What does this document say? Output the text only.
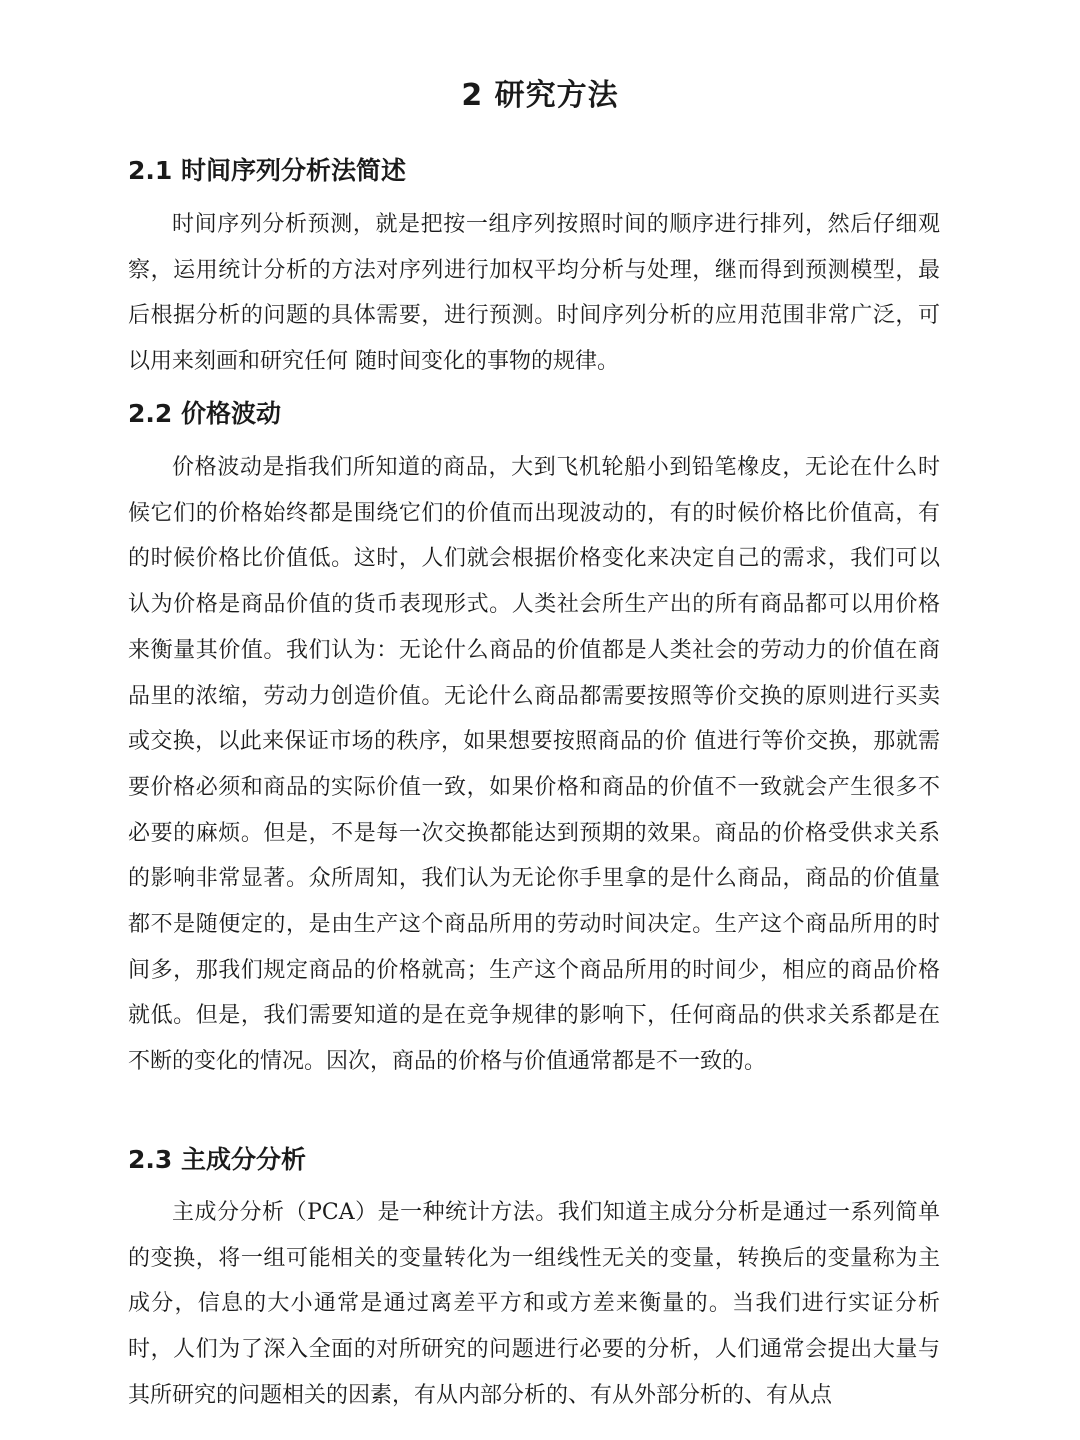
2 研究方法
2.1 时间序列分析法简述

时间序列分析预测，就是把按一组序列按照时间的顺序进行排列，然后仔细观察，运用统计分析的方法对序列进行加权平均分析与处理，继而得到预测模型，最后根据分析的问题的具体需要，进行预测。时间序列分析的应用范围非常广泛，可以用来刻画和研究任何 随时间变化的事物的规律。

2.2 价格波动

价格波动是指我们所知道的商品，大到飞机轮船小到铅笔橡皮，无论在什么时候它们的价格始终都是围绕它们的价值而出现波动的，有的时候价格比价值高，有的时候价格比价值低。这时，人们就会根据价格变化来决定自己的需求，我们可以认为价格是商品价值的货币表现形式。人类社会所生产出的所有商品都可以用价格来衡量其价值。我们认为：无论什么商品的价值都是人类社会的劳动力的价值在商品里的浓缩，劳动力创造价值。无论什么商品都需要按照等价交换的原则进行买卖或交换，以此来保证市场的秩序，如果想要按照商品的价 值进行等价交换，那就需要价格必须和商品的实际价值一致，如果价格和商品的价值不一致就会产生很多不必要的麻烦。但是，不是每一次交换都能达到预期的效果。商品的价格受供求关系的影响非常显著。众所周知，我们认为无论你手里拿的是什么商品，商品的价值量都不是随便定的，是由生产这个商品所用的劳动时间决定。生产这个商品所用的时间多，那我们规定商品的价格就高；生产这个商品所用的时间少，相应的商品价格就低。但是，我们需要知道的是在竞争规律的影响下，任何商品的供求关系都是在不断的变化的情况。因次，商品的价格与价值通常都是不一致的。

2.3 主成分分析

主成分分析（PCA）是一种统计方法。我们知道主成分分析是通过一系列简单的变换，将一组可能相关的变量转化为一组线性无关的变量，转换后的变量称为主成分，信息的大小通常是通过离差平方和或方差来衡量的。当我们进行实证分析时，人们为了深入全面的对所研究的问题进行必要的分析，人们通常会提出大量与其所研究的问题相关的因素，有从内部分析的、有从外部分析的、有从点
